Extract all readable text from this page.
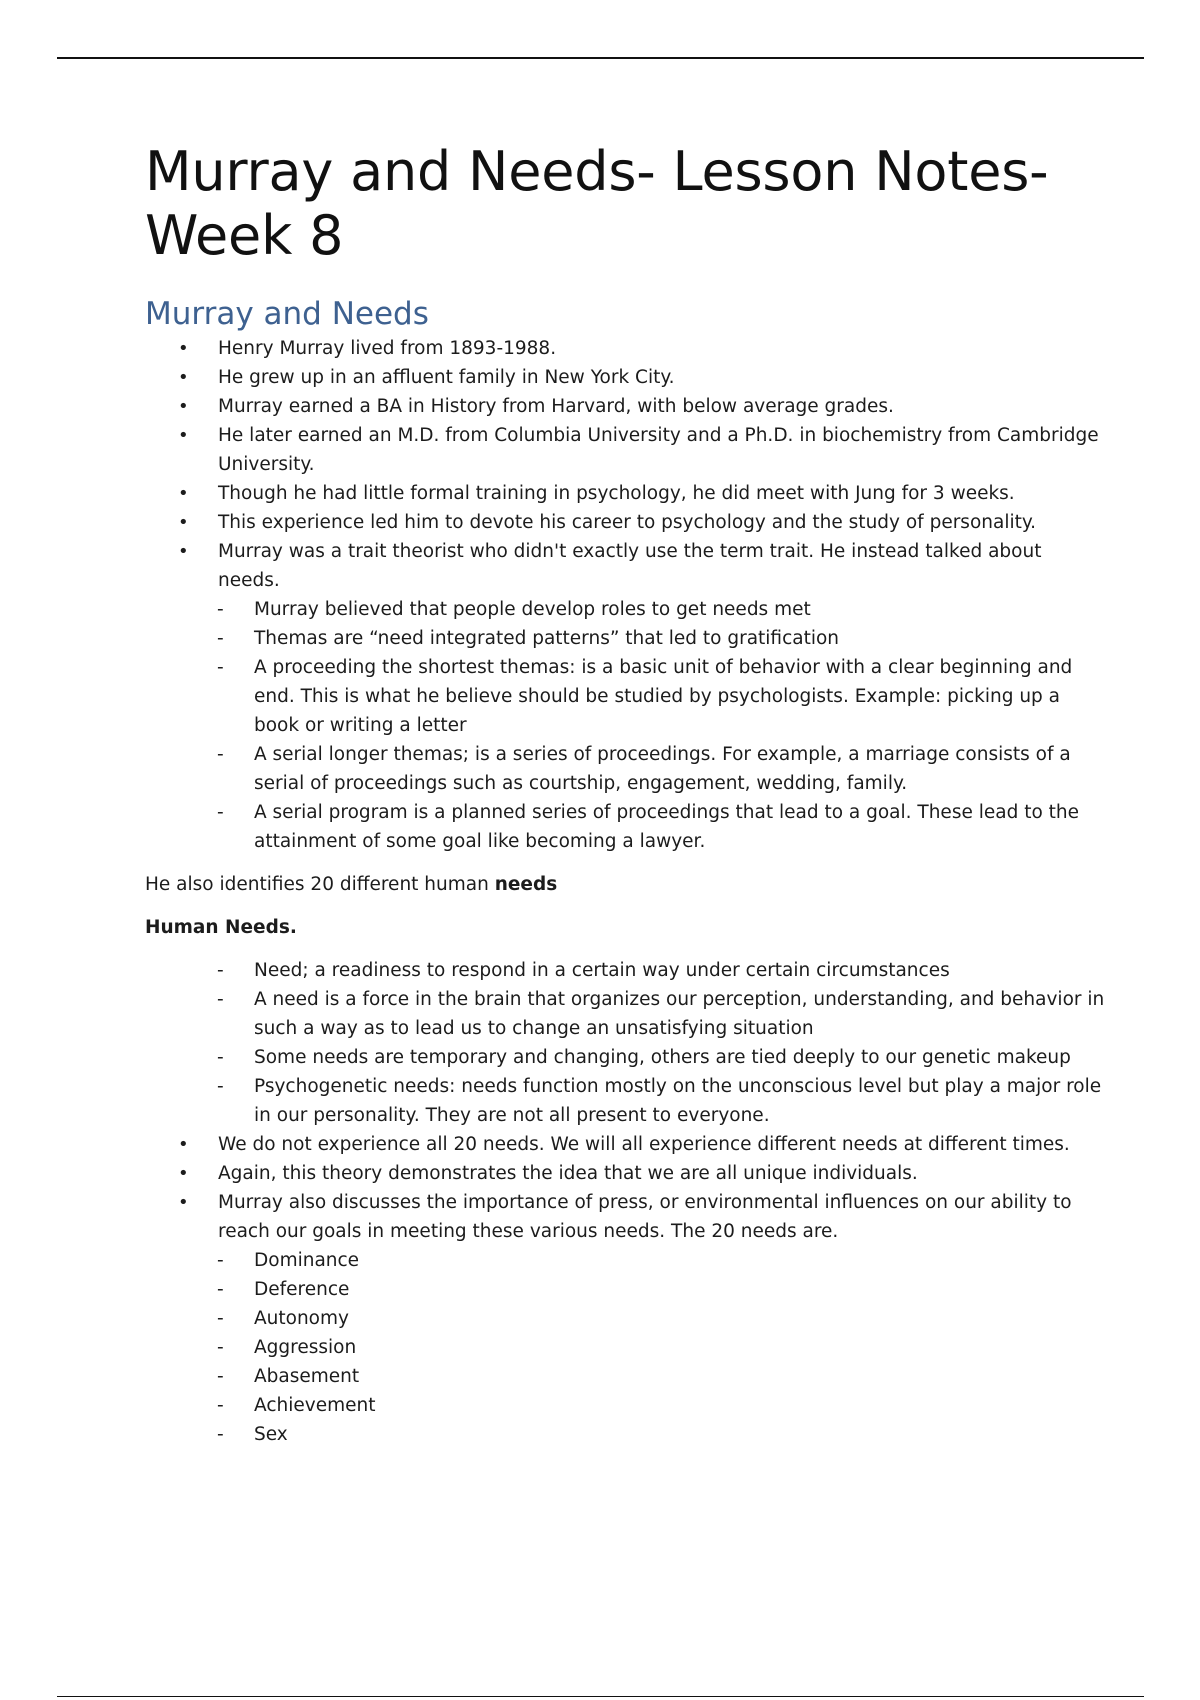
Murray and Needs- Lesson Notes- Week 8
Murray and Needs
• Henry Murray lived from 1893-1988.
• He grew up in an affluent family in New York City.
• Murray earned a BA in History from Harvard, with below average grades.
• He later earned an M.D. from Columbia University and a Ph.D. in biochemistry from Cambridge University.
• Though he had little formal training in psychology, he did meet with Jung for 3 weeks.
• This experience led him to devote his career to psychology and the study of personality.
• Murray was a trait theorist who didn't exactly use the term trait. He instead talked about needs.
- Murray believed that people develop roles to get needs met
- Themas are “need integrated patterns” that led to gratification
- A proceeding the shortest themas: is a basic unit of behavior with a clear beginning and end. This is what he believe should be studied by psychologists. Example: picking up a book or writing a letter
- A serial longer themas; is a series of proceedings. For example, a marriage consists of a serial of proceedings such as courtship, engagement, wedding, family.
- A serial program is a planned series of proceedings that lead to a goal. These lead to the attainment of some goal like becoming a lawyer.

He also identifies 20 different human needs

Human Needs.

- Need; a readiness to respond in a certain way under certain circumstances
- A need is a force in the brain that organizes our perception, understanding, and behavior in such a way as to lead us to change an unsatisfying situation
- Some needs are temporary and changing, others are tied deeply to our genetic makeup
- Psychogenetic needs: needs function mostly on the unconscious level but play a major role in our personality. They are not all present to everyone.
• We do not experience all 20 needs. We will all experience different needs at different times.
• Again, this theory demonstrates the idea that we are all unique individuals.
• Murray also discusses the importance of press, or environmental influences on our ability to reach our goals in meeting these various needs. The 20 needs are.
- Dominance
- Deference
- Autonomy
- Aggression
- Abasement
- Achievement
- Sex
